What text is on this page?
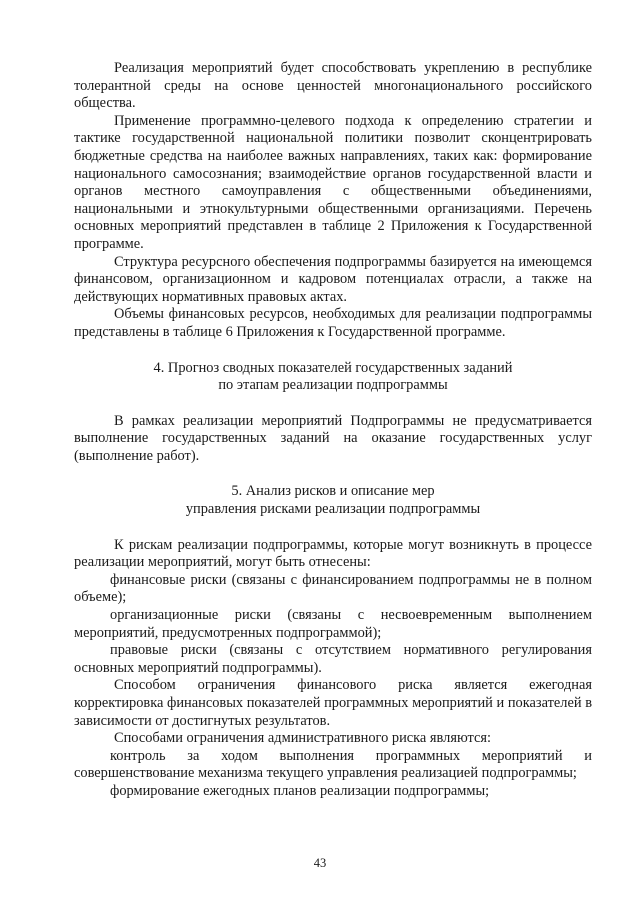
Реализация мероприятий будет способствовать укреплению в республике толерантной среды на основе ценностей многонационального российского общества.

Применение программно-целевого подхода к определению стратегии и тактике государственной национальной политики позволит сконцентрировать бюджетные средства на наиболее важных направлениях, таких как: формирование национального самосознания; взаимодействие органов государственной власти и органов местного самоуправления с общественными объединениями, национальными и этнокультурными общественными организациями. Перечень основных мероприятий представлен в таблице 2 Приложения к Государственной программе.

Структура ресурсного обеспечения подпрограммы базируется на имеющемся финансовом, организационном и кадровом потенциалах отрасли, а также на действующих нормативных правовых актах.

Объемы финансовых ресурсов, необходимых для реализации подпрограммы представлены в таблице 6 Приложения к Государственной программе.

4. Прогноз сводных показателей государственных заданий
по этапам реализации подпрограммы

В рамках реализации мероприятий Подпрограммы не предусматривается выполнение государственных заданий на оказание государственных услуг (выполнение работ).

5. Анализ рисков и описание мер
управления рисками реализации подпрограммы

К рискам реализации подпрограммы, которые могут возникнуть в процессе реализации мероприятий, могут быть отнесены:

финансовые риски (связаны с финансированием подпрограммы не в полном объеме);

организационные риски (связаны с несвоевременным выполнением мероприятий, предусмотренных подпрограммой);

правовые риски (связаны с отсутствием нормативного регулирования основных мероприятий подпрограммы).

Способом ограничения финансового риска является ежегодная корректировка финансовых показателей программных мероприятий и показателей в зависимости от достигнутых результатов.

Способами ограничения административного риска являются:

контроль за ходом выполнения программных мероприятий и совершенствование механизма текущего управления реализацией подпрограммы;

формирование ежегодных планов реализации подпрограммы;

43
